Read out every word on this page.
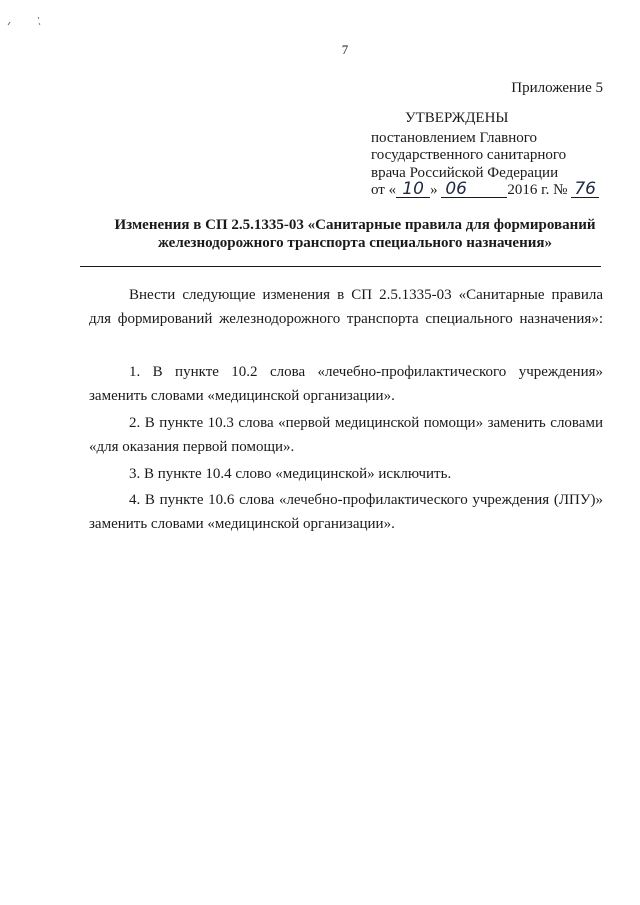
7
Приложение 5
УТВЕРЖДЕНЫ
постановлением Главного
государственного санитарного
врача Российской Федерации
от « 10 » 06	2016 г. № 76
Изменения в СП 2.5.1335-03 «Санитарные правила для формирований
железнодорожного транспорта специального назначения»
Внести следующие изменения в СП 2.5.1335-03 «Санитарные правила
для формирований железнодорожного транспорта специального назначения»:
1. В пункте 10.2 слова «лечебно-профилактического учреждения»
заменить словами «медицинской организации».
2. В пункте 10.3 слова «первой медицинской помощи» заменить словами
«для оказания первой помощи».
3. В пункте 10.4 слово «медицинской» исключить.
4. В пункте 10.6 слова «лечебно-профилактического учреждения (ЛПУ)»
заменить словами «медицинской организации».
